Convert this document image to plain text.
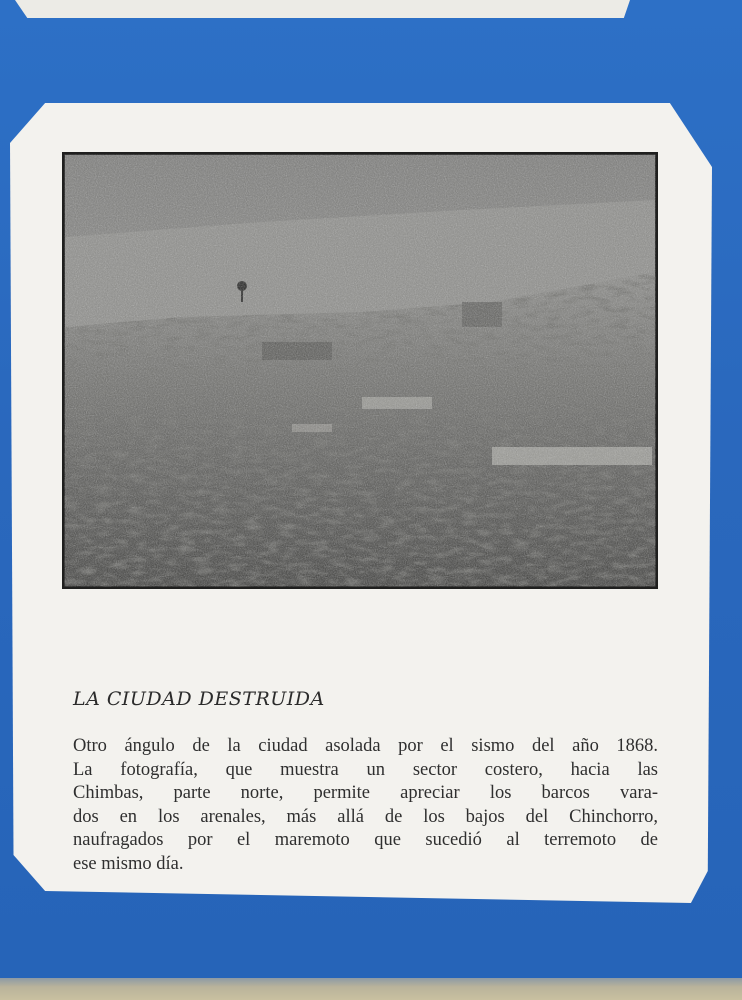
LA CIUDAD DESTRUIDA
Otro ángulo de la ciudad asolada por el sismo del año 1868.
La fotografía, que muestra un sector costero, hacia las
Chimbas, parte norte, permite apreciar los barcos vara-
dos en los arenales, más allá de los bajos del Chinchorro,
naufragados por el maremoto que sucedió al terremoto de
ese mismo día.
